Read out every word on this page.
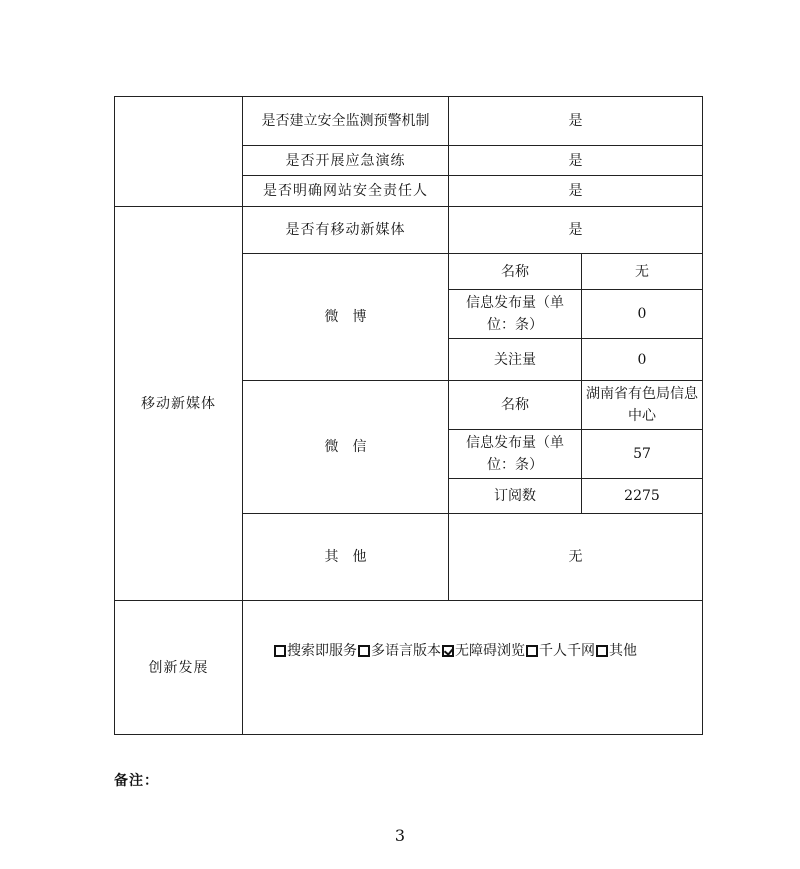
	是否建立安全监测预警机制	是	
	是否开展应急演练	是	
	是否明确网站安全责任人	是	
移动新媒体	是否有移动新媒体	是	
	微　博	名称	无
		信息发布量（单位：条）	0
		关注量	0
	微　信	名称	湖南省有色局信息中心
		信息发布量（单位：条）	57
		订阅数	2275
	其　他	无	
创新发展	搜索即服务 多语言版本 无障碍浏览 千人千网 其他		
备注：
3
